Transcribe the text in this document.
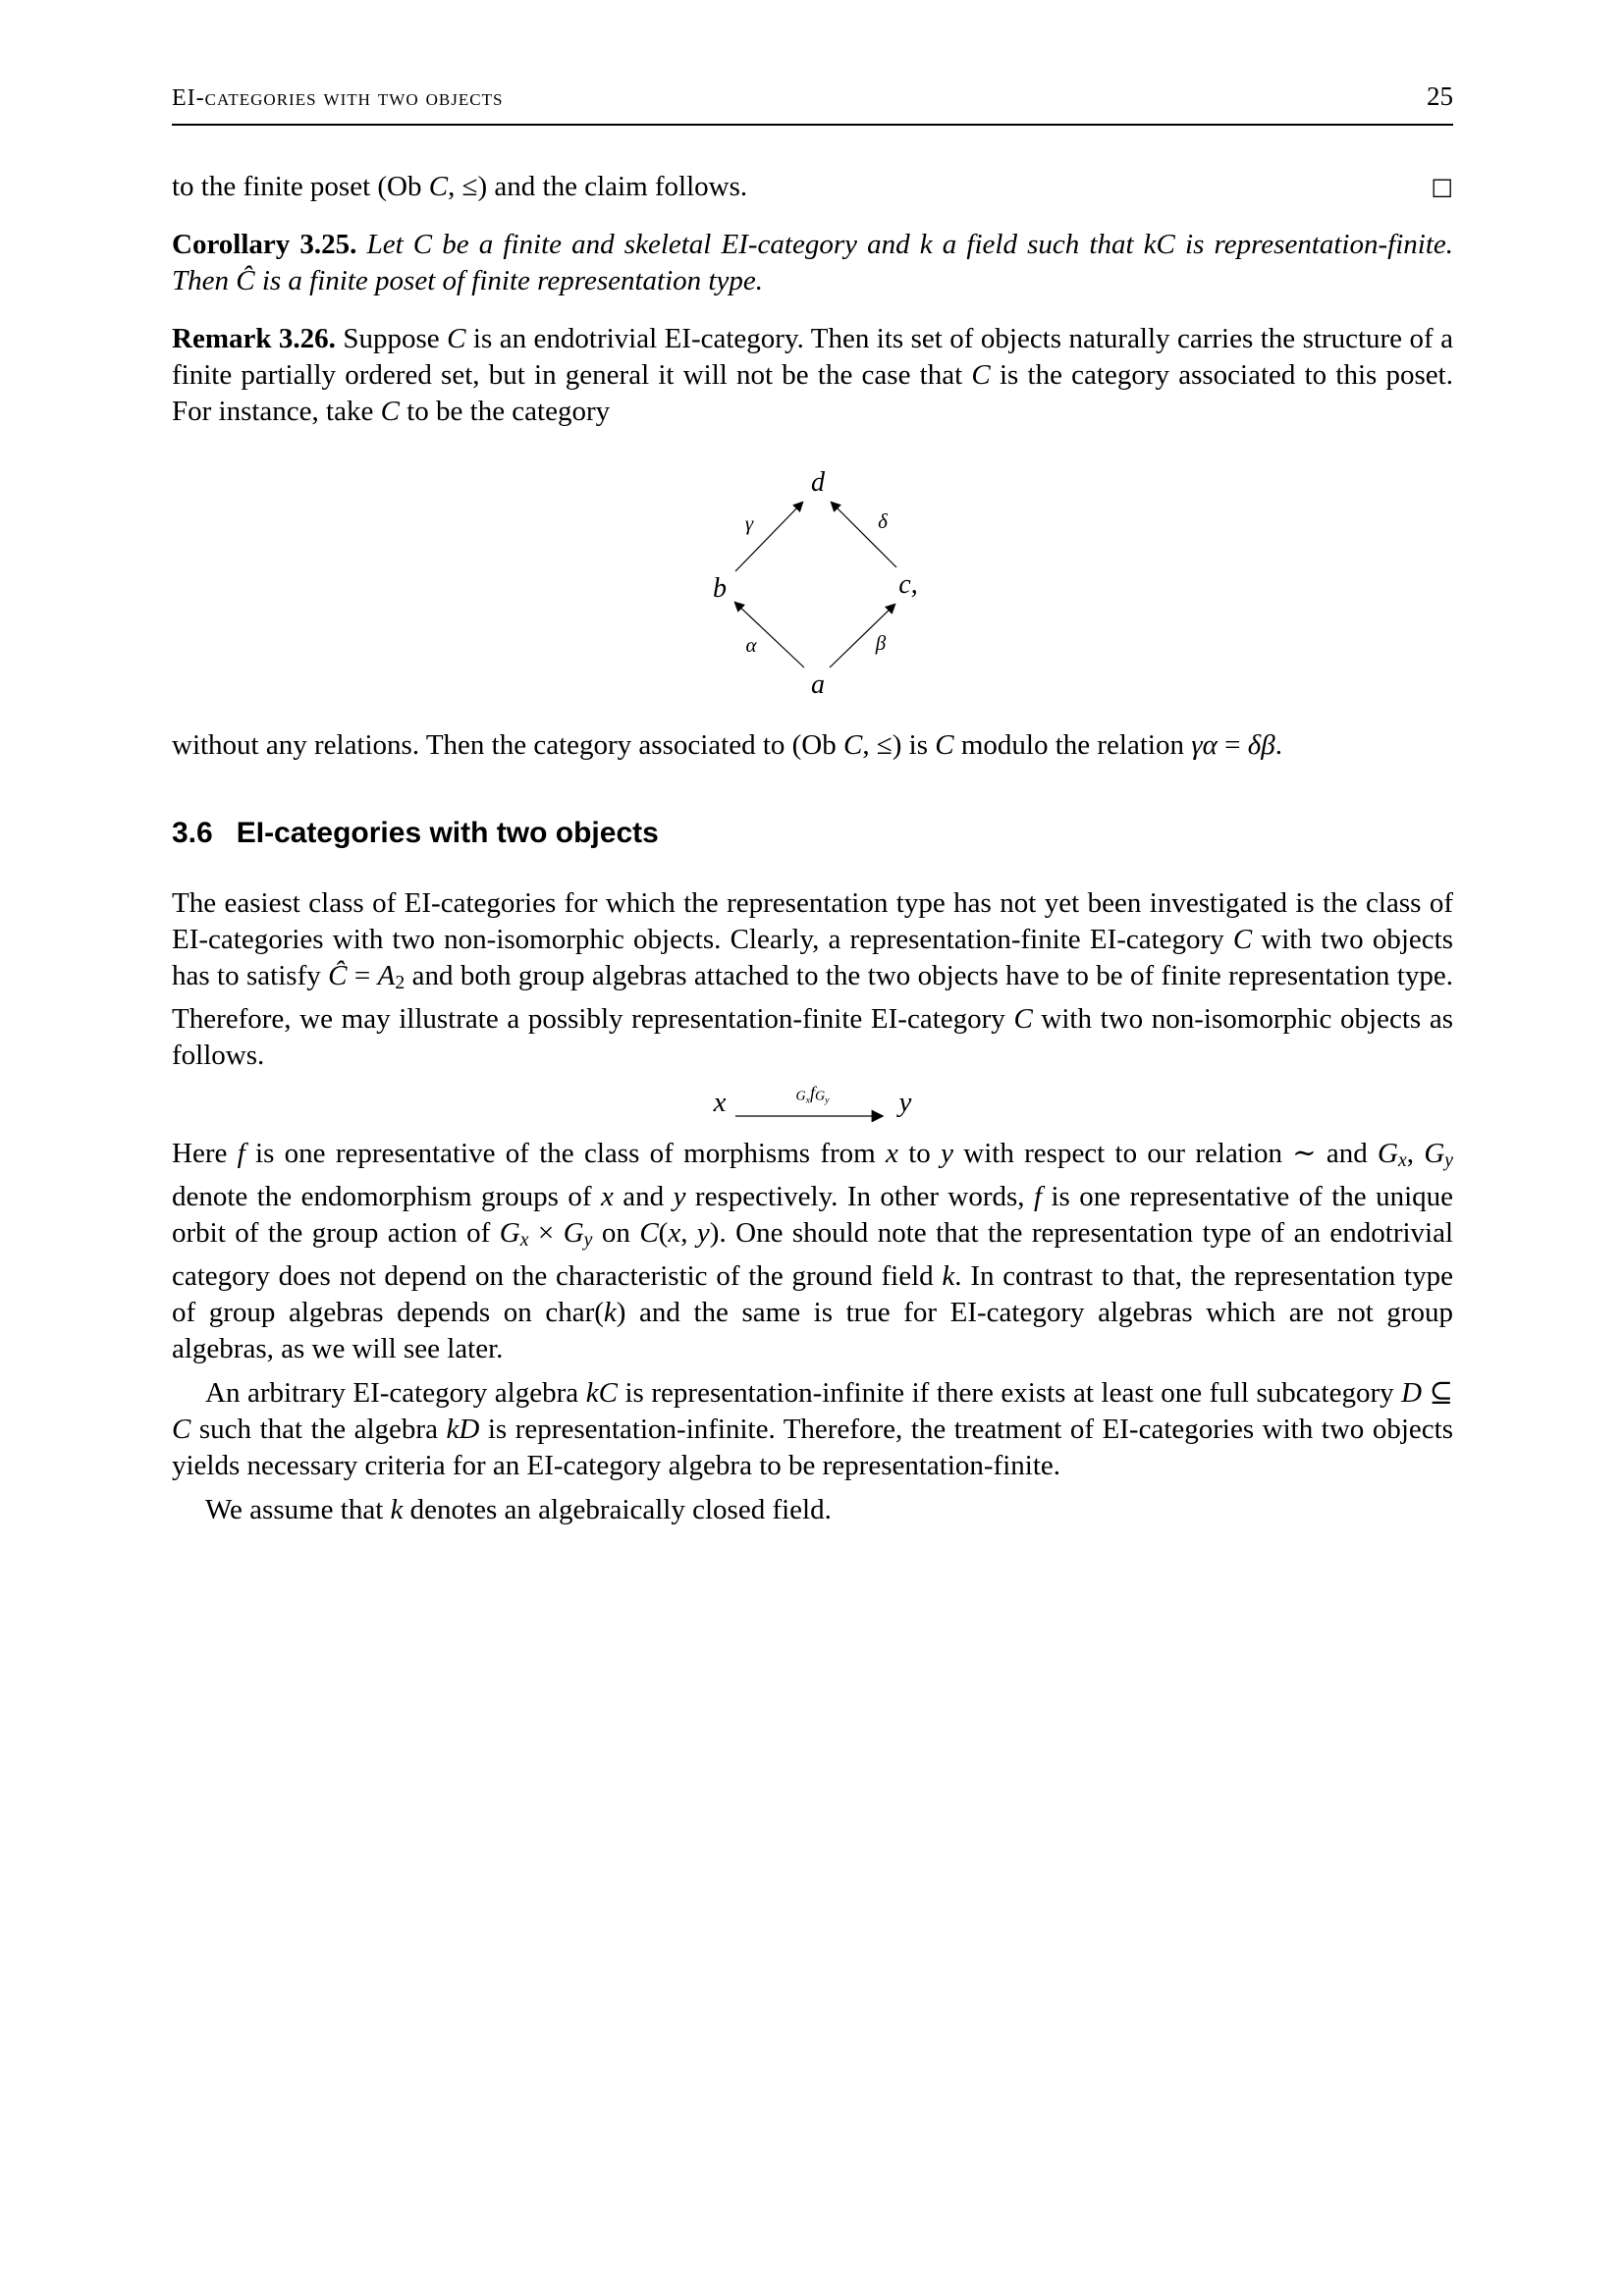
EI-categories with two objects	25

□
to the finite poset (Ob C, ≤) and the claim follows.

Corollary 3.25. Let C be a finite and skeletal EI-category and k a field such that kC is representation-finite. Then Ĉ is a finite poset of finite representation type.

Remark 3.26. Suppose C is an endotrivial EI-category. Then its set of objects naturally carries the structure of a finite partially ordered set, but in general it will not be the case that C is the category associated to this poset. For instance, take C to be the category

d
b	c,
a
γ	δ
α	β

without any relations. Then the category associated to (Ob C, ≤) is C modulo the relation γα = δβ.

3.6 EI-categories with two objects

The easiest class of EI-categories for which the representation type has not yet been investigated is the class of EI-categories with two non-isomorphic objects. Clearly, a representation-finite EI-category C with two objects has to satisfy Ĉ = A2 and both group algebras attached to the two objects have to be of finite representation type. Therefore, we may illustrate a possibly representation-finite EI-category C with two non-isomorphic objects as follows.

x	$G_xfG_y$ y

Here f is one representative of the class of morphisms from x to y with respect to our relation ∼ and Gx, Gy denote the endomorphism groups of x and y respectively. In other words, f is one representative of the unique orbit of the group action of Gx × Gy on C(x, y). One should note that the representation type of an endotrivial category does not depend on the characteristic of the ground field k. In contrast to that, the representation type of group algebras depends on char(k) and the same is true for EI-category algebras which are not group algebras, as we will see later.

An arbitrary EI-category algebra kC is representation-infinite if there exists at least one full subcategory D ⊆ C such that the algebra kD is representation-infinite. Therefore, the treatment of EI-categories with two objects yields necessary criteria for an EI-category algebra to be representation-finite.

We assume that k denotes an algebraically closed field.
